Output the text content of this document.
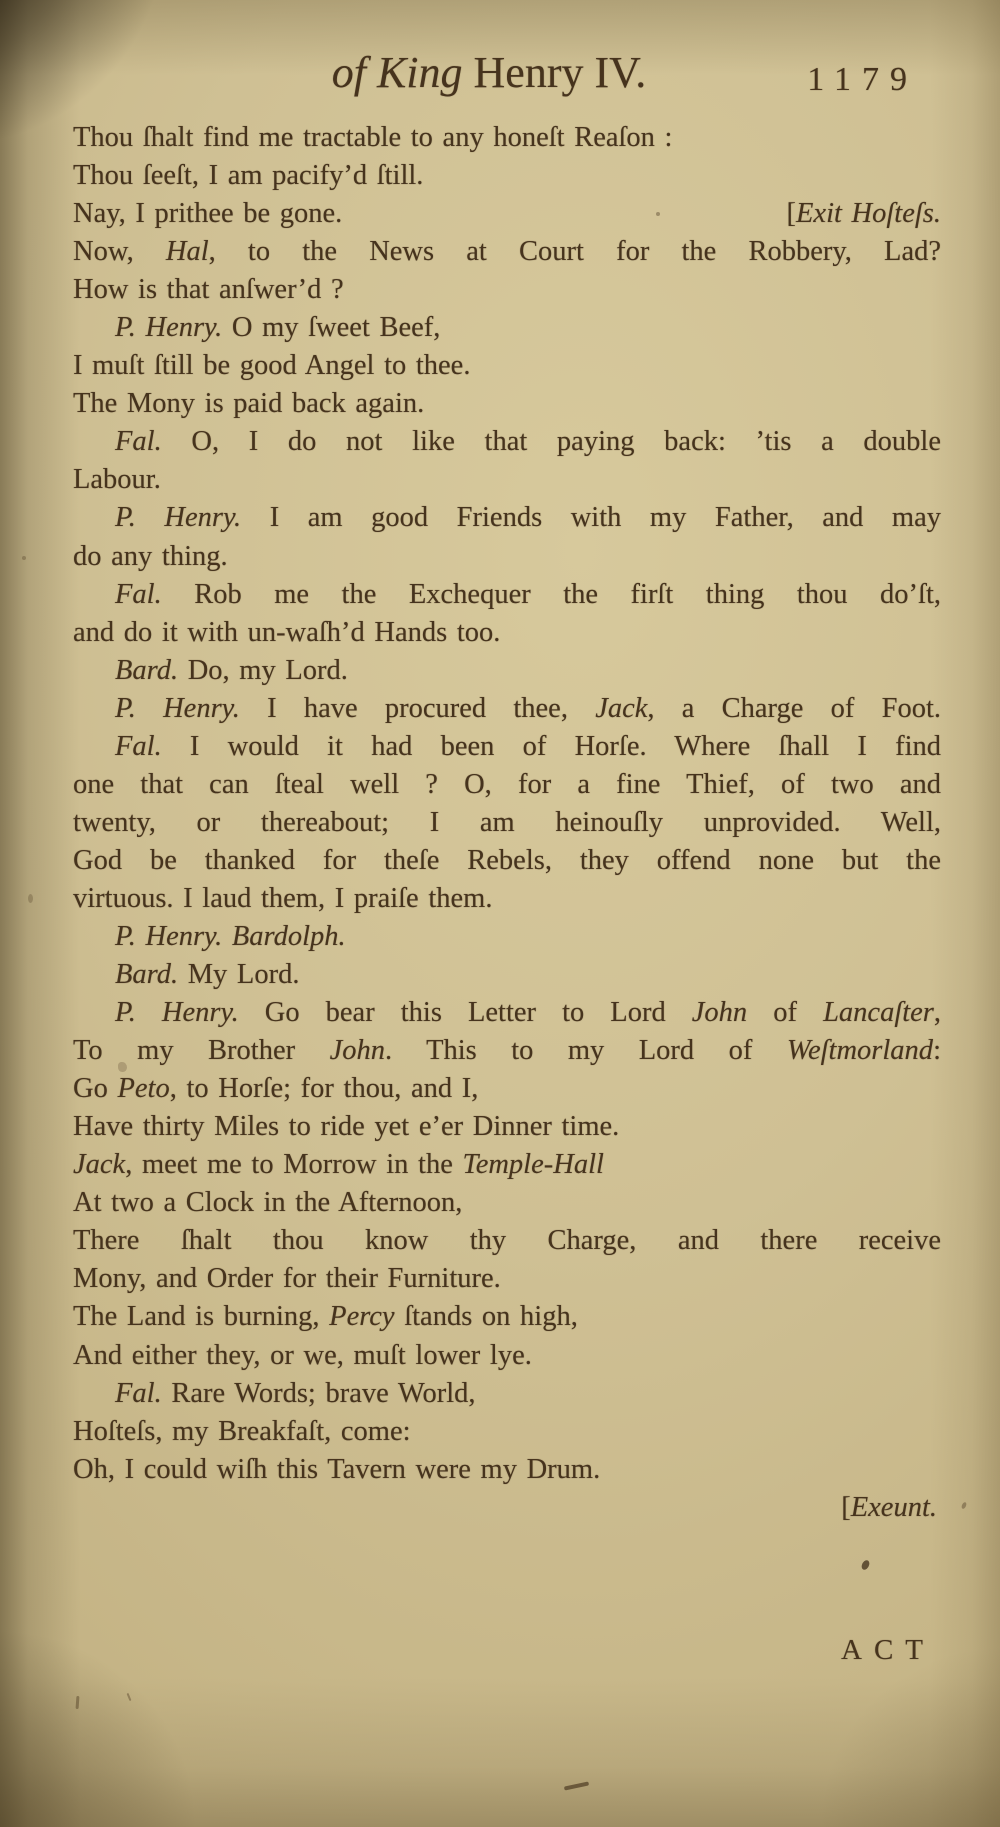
of King Henry IV.	1179
Thou ſhalt find me tractable to any honeſt Reaſon :
Thou ſeeſt, I am pacify’d ſtill.
Nay, I prithee be gone.	[Exit Hoſteſs.
Now, Hal, to the News at Court for the Robbery, Lad?
How is that anſwer’d ?
P. Henry. O my ſweet Beef,
I muſt ſtill be good Angel to thee.
The Mony is paid back again.
Fal. O, I do not like that paying back: ’tis a double
Labour.
P. Henry. I am good Friends with my Father, and may
do any thing.
Fal. Rob me the Exchequer the firſt thing thou do’ſt,
and do it with un-waſh’d Hands too.
Bard. Do, my Lord.
P. Henry. I have procured thee, Jack, a Charge of Foot.
Fal. I would it had been of Horſe. Where ſhall I find
one that can ſteal well ? O, for a fine Thief, of two and
twenty, or thereabout; I am heinouſly unprovided. Well,
God be thanked for theſe Rebels, they offend none but the
virtuous. I laud them, I praiſe them.
P. Henry. Bardolph.
Bard. My Lord.
P. Henry. Go bear this Letter to Lord John of Lancaſter,
To my Brother John. This to my Lord of Weſtmorland:
Go Peto, to Horſe; for thou, and I,
Have thirty Miles to ride yet e’er Dinner time.
Jack, meet me to Morrow in the Temple-Hall
At two a Clock in the Afternoon,
There ſhalt thou know thy Charge, and there receive
Mony, and Order for their Furniture.
The Land is burning, Percy ſtands on high,
And either they, or we, muſt lower lye.
Fal. Rare Words; brave World,
Hoſteſs, my Breakfaſt, come:
Oh, I could wiſh this Tavern were my Drum.
[Exeunt.
ACT
